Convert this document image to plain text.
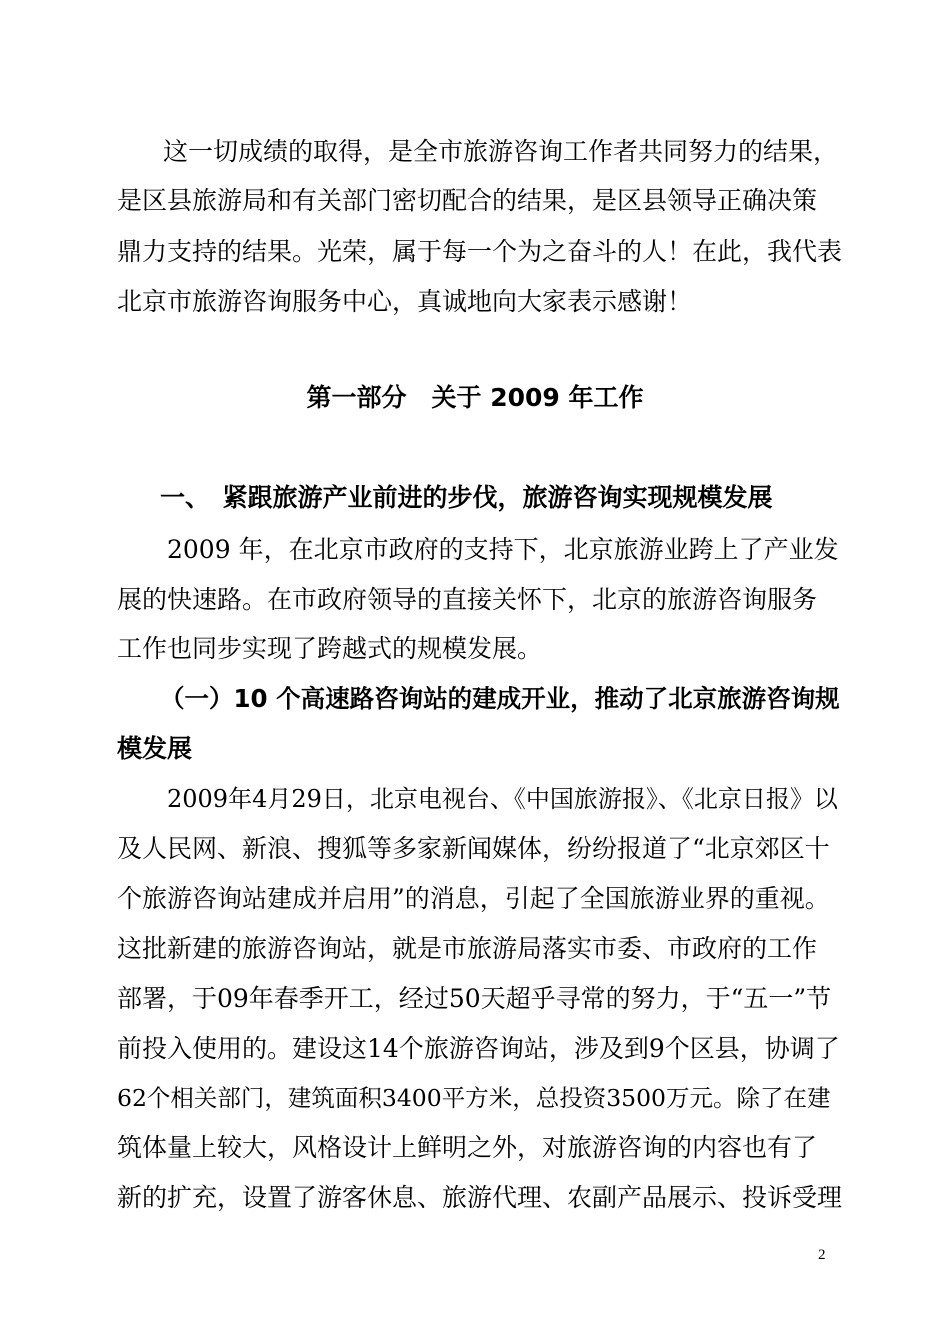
这一切成绩的取得，是全市旅游咨询工作者共同努力的结果，
是区县旅游局和有关部门密切配合的结果，是区县领导正确决策
鼎力支持的结果。光荣，属于每一个为之奋斗的人！在此，我代表
北京市旅游咨询服务中心，真诚地向大家表示感谢！
第一部分　关于 2009 年工作
一、　紧跟旅游产业前进的步伐，旅游咨询实现规模发展
2009 年，在北京市政府的支持下，北京旅游业跨上了产业发
展的快速路。在市政府领导的直接关怀下，北京的旅游咨询服务
工作也同步实现了跨越式的规模发展。
（一）10 个高速路咨询站的建成开业，推动了北京旅游咨询规
模发展
2009年4月29日，北京电视台、《中国旅游报》、《北京日报》以
及人民网、新浪、搜狐等多家新闻媒体，纷纷报道了“北京郊区十
个旅游咨询站建成并启用”的消息，引起了全国旅游业界的重视。
这批新建的旅游咨询站，就是市旅游局落实市委、市政府的工作
部署，于09年春季开工，经过50天超乎寻常的努力，于“五一”节
前投入使用的。建设这14个旅游咨询站，涉及到9个区县，协调了
62个相关部门，建筑面积3400平方米，总投资3500万元。除了在建
筑体量上较大，风格设计上鲜明之外，对旅游咨询的内容也有了
新的扩充，设置了游客休息、旅游代理、农副产品展示、投诉受理
2
